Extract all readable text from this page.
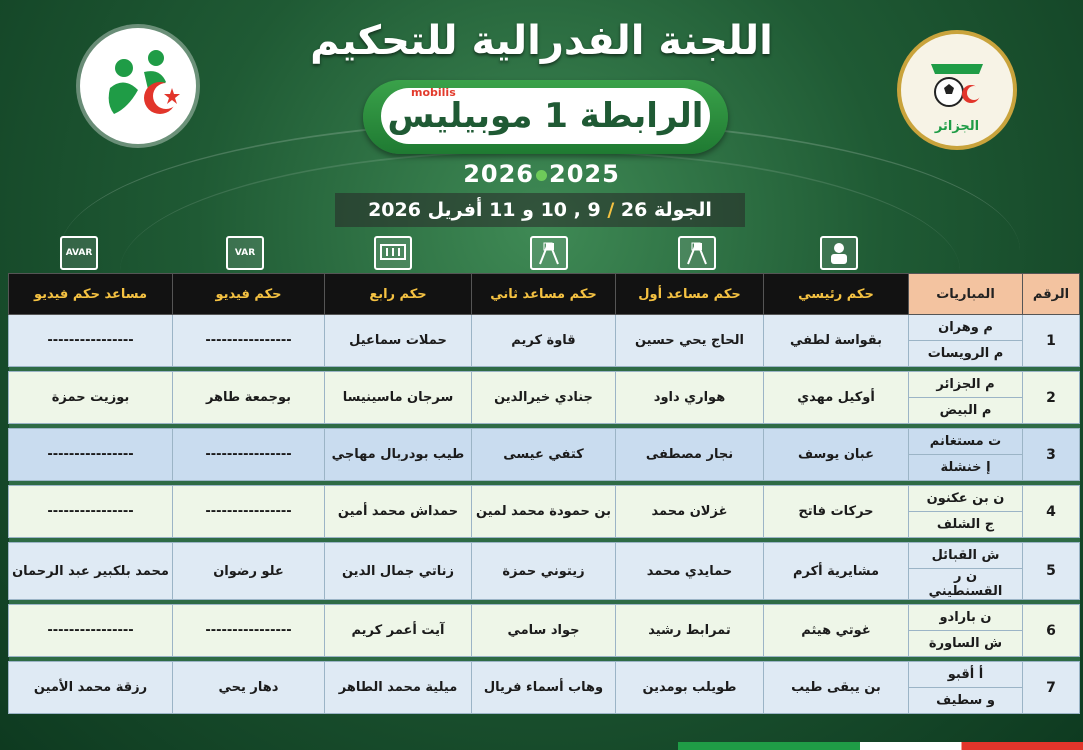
اللجنة الفدرالية للتحكيم
الجزائر
الرابطة 1 موبيليس
mobilis
2026 2025
الجولة 26 / 9 , 10 و 11 أفريل 2026
AVAR	VAR
الرقم	المباريات	حكم رئيسي	حكم مساعد أول	حكم مساعد ثاني	حكم رابع	حكم فيديو	مساعد حكم فيديو
1	م وهران	بقواسة لطفي	الحاج يحي حسين	قاوة كريم	حملات سماعيل	----------------	----------------
	م الرويسات						

2	م الجزائر	أوكيل مهدي	هواري داود	جنادي خيرالدين	سرجان ماسينيسا	بوجمعة طاهر	بوزيت حمزة
	م البيض						

3	ت مستغانم	عبان يوسف	نجار مصطفى	كتفي عيسى	طيب بودربال مهاجي	----------------	----------------
	إ خنشلة						

4	ن بن عكنون	حركات فاتح	غزلان محمد	بن حمودة محمد لمين	حمداش محمد أمين	----------------	----------------
	ج الشلف						

5	ش القبائل	مشايرية أكرم	حمايدي محمد	زيتوني حمزة	زناتي جمال الدين	علو رضوان	محمد بلكبير عبد الرحمان
	ن ر القسنطيني						

6	ن بارادو	غوتي هيثم	تمرابط رشيد	جواد سامي	آيت أعمر كريم	----------------	----------------
	ش الساورة						

7	أ أقبو	بن يبقى طيب	طويلب بومدين	وهاب أسماء فريال	ميلية محمد الطاهر	دهار يحي	رزقة محمد الأمين
	و سطيف						
